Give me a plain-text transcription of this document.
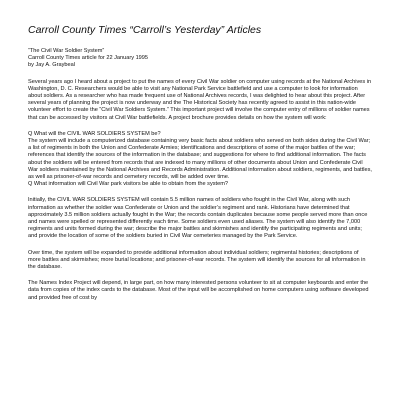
Carroll County Times “Carroll’s Yesterday” Articles

“The Civil War Soldier System”

Carroll County Times article for 22 January 1995

by Jay A. Graybeal

Several years ago I heard about a project to put the names of every Civil War soldier on computer using records at the National Archives in Washington, D. C. Researchers would be able to visit any National Park Service battlefield and use a computer to look for information about soldiers. As a researcher who has made frequent use of National Archives records, I was delighted to hear about this project. After several years of planning the project is now underway and the The Historical Society has recently agreed to assist in this nation-wide volunteer effort to create the “Civil War Soldiers System.” This important project will involve the computer entry of millions of soldier names that can be accessed by visitors at Civil War battlefields. A project brochure provides details on how the system will work:

Q What will the CIVIL WAR SOLDIERS SYSTEM be?

The system will include a computerized database containing very basic facts about soldiers who served on both sides during the Civil War; a list of regiments in both the Union and Confederate Armies; identifications and descriptions of some of the major battles of the war; references that identify the sources of the information in the database; and suggestions for where to find additional information. The facts about the soldiers will be entered from records that are indexed to many millions of other documents about Union and Confederate Civil War soldiers maintained by the National Archives and Records Administration. Additional information about soldiers, regiments, and battles, as well as prisoner-of-war records and cemetery records, will be added over time.

Q What information will Civil War park visitors be able to obtain from the system?

Initially, the CIVIL WAR SOLDIERS SYSTEM will contain 5.5 million names of soldiers who fought in the Civil War, along with such information as whether the soldier was Confederate or Union and the soldier’s regiment and rank. Historians have determined that approximately 3.5 million soldiers actually fought in the War; the records contain duplicates because some people served more than once and names were spelled or represented differently each time. Some soldiers even used aliases. The system will also identify the 7,000 regiments and units formed during the war; describe the major battles and skirmishes and identify the participating regiments and units; and provide the location of some of the soldiers buried in Civil War cemeteries managed by the Park Service.

Over time, the system will be expanded to provide additional information about individual soldiers; regimental histories; descriptions of more battles and skirmishes; more burial locations; and prisoner-of-war records. The system will identify the sources for all information in the database.

The Names Index Project will depend, in large part, on how many interested persons volunteer to sit at computer keyboards and enter the data from copies of the index cards to the database. Most of the input will be accomplished on home computers using software developed and provided free of cost by
